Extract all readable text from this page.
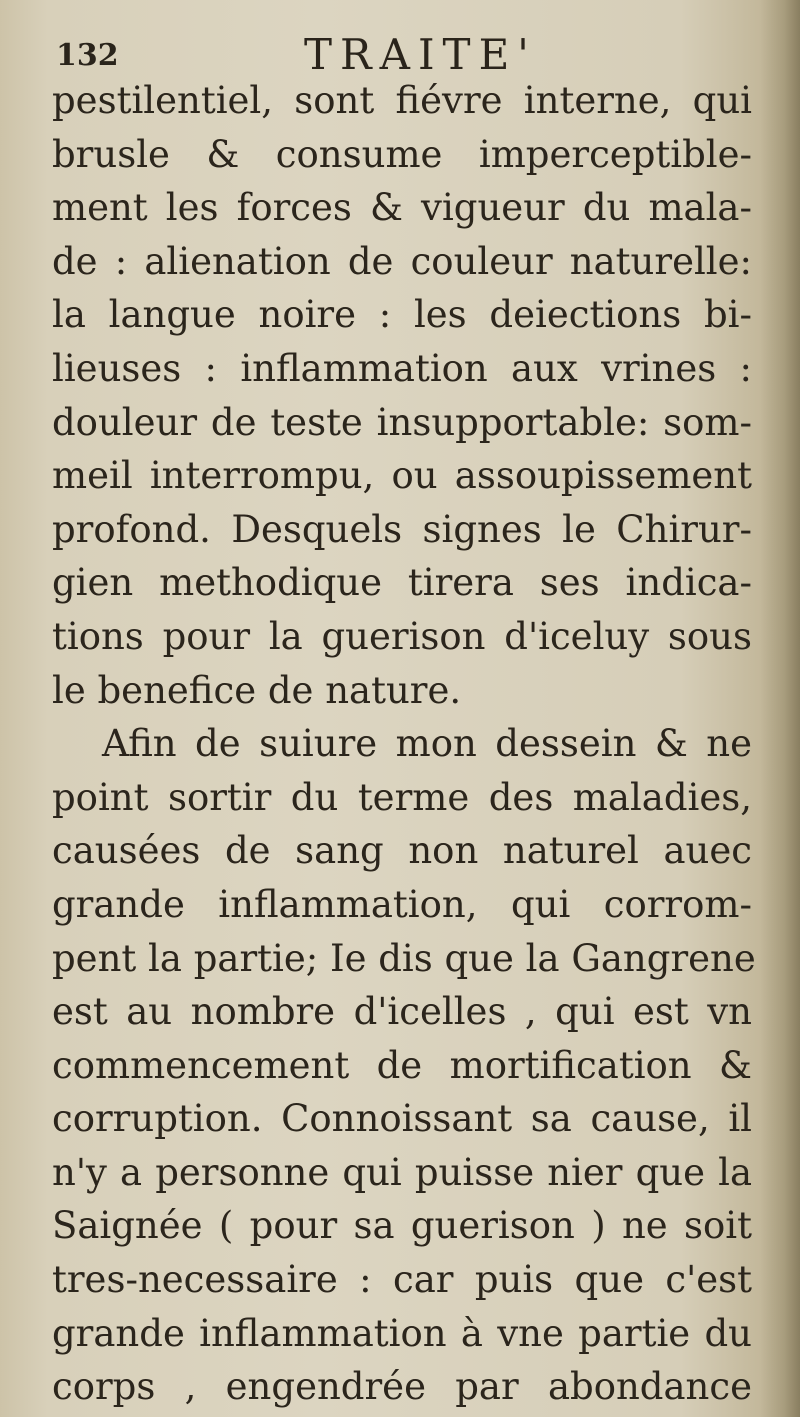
132	TRAITE'
pestilentiel, sont fiévre interne, qui
brusle & consume imperceptible-
ment les forces & vigueur du mala-
de : alienation de couleur naturelle:
la langue noire : les deiections bi-
lieuses : inflammation aux vrines :
douleur de teste insupportable: som-
meil interrompu, ou assoupissement
profond. Desquels signes le Chirur-
gien methodique tirera ses indica-
tions pour la guerison d'iceluy sous
le benefice de nature.
Afin de suiure mon dessein & ne
point sortir du terme des maladies,
causées de sang non naturel auec
grande inflammation, qui corrom-
pent la partie; Ie dis que la Gangrene
est au nombre d'icelles , qui est vn
commencement de mortification &
corruption. Connoissant sa cause, il
n'y a personne qui puisse nier que la
Saignée ( pour sa guerison ) ne soit
tres-necessaire : car puis que c'est
grande inflammation à vne partie du
corps , engendrée par abondance
